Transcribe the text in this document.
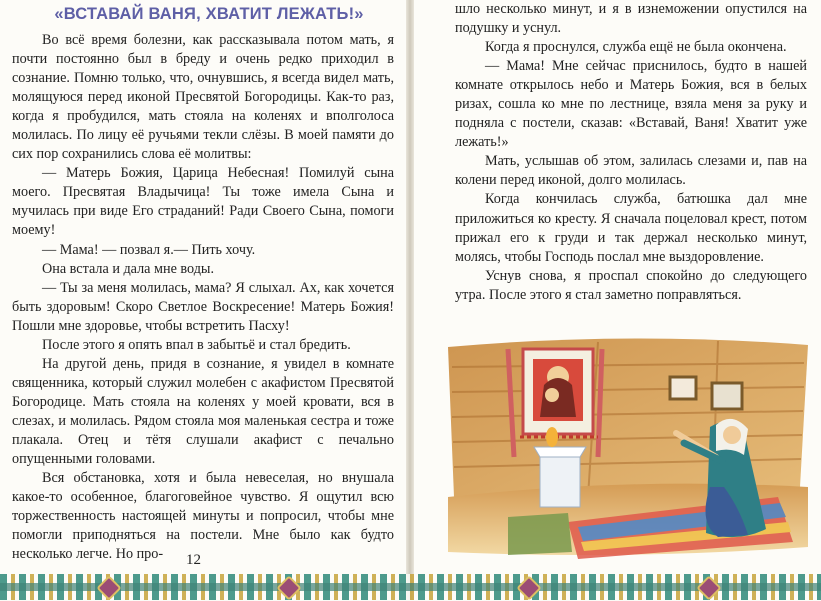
«ВСТАВАЙ ВАНЯ, ХВАТИТ ЛЕЖАТЬ!»

Во всё время болезни, как рассказывала потом мать, я почти постоянно был в бреду и очень редко приходил в сознание. Помню только, что, очнувшись, я всегда видел мать, молящуюся перед иконой Пресвятой Богородицы. Как-то раз, когда я пробудился, мать стояла на коленях и вполголоса молилась. По лицу её ручьями текли слёзы. В моей памяти до сих пор сохранились слова её молитвы:

— Матерь Божия, Царица Небесная! Помилуй сына моего. Пресвятая Владычица! Ты тоже имела Сына и мучилась при виде Его страданий! Ради Своего Сына, помоги моему!

— Мама! — позвал я.— Пить хочу.

Она встала и дала мне воды.

— Ты за меня молилась, мама? Я слыхал. Ах, как хочется быть здоровым! Скоро Светлое Воскресение! Матерь Божия! Пошли мне здоровье, чтобы встретить Пасху!

После этого я опять впал в забытьё и стал бредить.

На другой день, придя в сознание, я увидел в комнате священника, который служил молебен с акафистом Пресвятой Богородице. Мать стояла на коленях у моей кровати, вся в слезах, и молилась. Рядом стояла моя маленькая сестра и тоже плакала. Отец и тётя слушали акафист с печально опущенными головами.

Вся обстановка, хотя и была невеселая, но внушала какое-то особенное, благоговейное чувство. Я ощутил всю торжественность настоящей минуты и попросил, чтобы мне помогли приподняться на постели. Мне было как будто несколько легче. Но про-	12

шло несколько минут, и я в изнеможении опустился на подушку и уснул.

Когда я проснулся, служба ещё не была окончена.

— Мама! Мне сейчас приснилось, будто в нашей комнате открылось небо и Матерь Божия, вся в белых ризах, сошла ко мне по лестнице, взяла меня за руку и подняла с постели, сказав: «Вставай, Ваня! Хватит уже лежать!»

Мать, услышав об этом, залилась слезами и, пав на колени перед иконой, долго молилась.

Когда кончилась служба, батюшка дал мне приложиться ко кресту. Я сначала поцеловал крест, потом прижал его к груди и так держал несколько минут, молясь, чтобы Господь послал мне выздоровление.

Уснув снова, я проспал спокойно до следующего утра. После этого я стал заметно поправляться.
